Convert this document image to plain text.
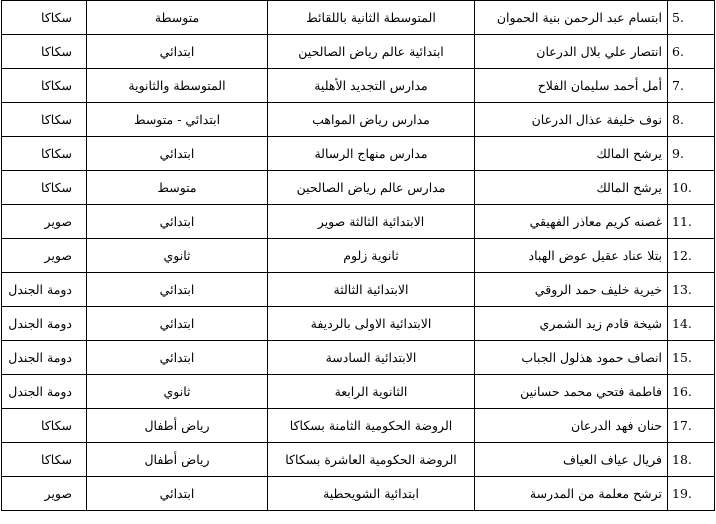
.5	ابتسام عبد الرحمن بنية الحموان	المتوسطة الثانية باللقائط	متوسطة	سكاكا
.6	انتصار علي بلال الدرعان	ابتدائية عالم رياض الصالحين	ابتدائي	سكاكا
.7	أمل أحمد سليمان الفلاح	مدارس التجديد الأهلية	المتوسطة والثانوية	سكاكا
.8	نوف خليفة عذال الدرعان	مدارس رياض المواهب	ابتدائي - متوسط	سكاكا
.9	يرشح المالك	مدارس منهاج الرسالة	ابتدائي	سكاكا
.10	يرشح المالك	مدارس عالم رياض الصالحين	متوسط	سكاكا
.11	غصنه كريم معاذر الفهيقي	الابتدائية الثالثة صوير	ابتدائي	صوير
.12	بتلا عناد عقيل عوض الهباد	ثانوية زلوم	ثانوي	صوير
.13	خيرية خليف حمد الروقي	الابتدائية الثالثة	ابتدائي	دومة الجندل
.14	شيخة قادم زيد الشمري	الابتدائية الاولى بالرديفة	ابتدائي	دومة الجندل
.15	انصاف حمود هذلول الجباب	الابتدائية السادسة	ابتدائي	دومة الجندل
.16	فاطمة فتحي محمد حسانين	الثانوية الرابعة	ثانوي	دومة الجندل
.17	حنان فهد الدرعان	الروضة الحكومية الثامنة بسكاكا	رياض أطفال	سكاكا
.18	فريال عياف العياف	الروضة الحكومية العاشرة بسكاكا	رياض أطفال	سكاكا
.19	ترشح معلمة من المدرسة	ابتدائية الشويحطية	ابتدائي	صوير
